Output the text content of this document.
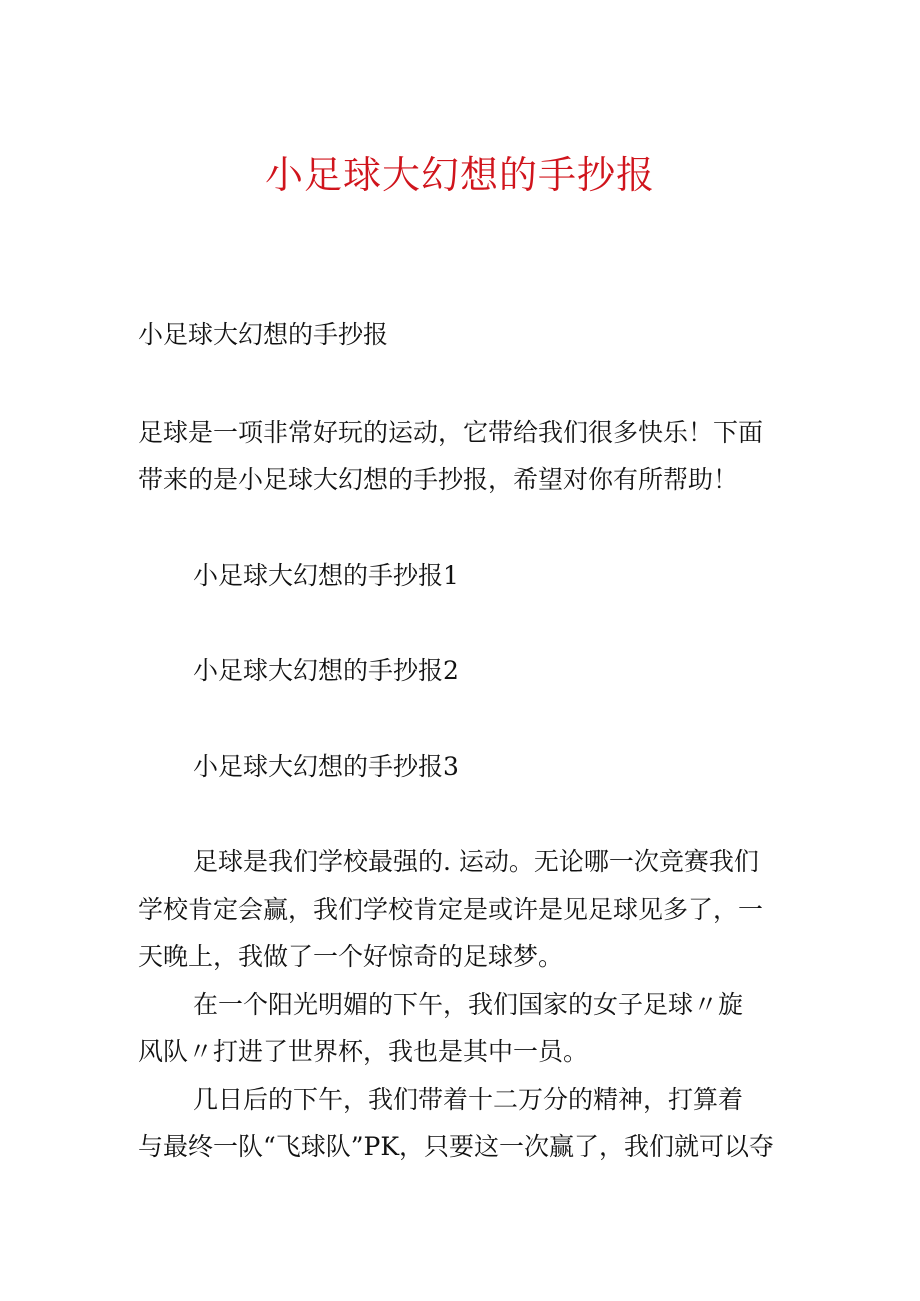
小足球大幻想的手抄报

小足球大幻想的手抄报

足球是一项非常好玩的运动，它带给我们很多快乐！下面

带来的是小足球大幻想的手抄报，希望对你有所帮助！

小足球大幻想的手抄报1

小足球大幻想的手抄报2

小足球大幻想的手抄报3

足球是我们学校最强的. 运动。无论哪一次竞赛我们

学校肯定会赢，我们学校肯定是或许是见足球见多了，一

天晚上，我做了一个好惊奇的足球梦。

在一个阳光明媚的下午，我们国家的女子足球〃旋

风队〃打进了世界杯，我也是其中一员。

几日后的下午，我们带着十二万分的精神，打算着

与最终一队“飞球队”PK，只要这一次赢了，我们就可以夺
